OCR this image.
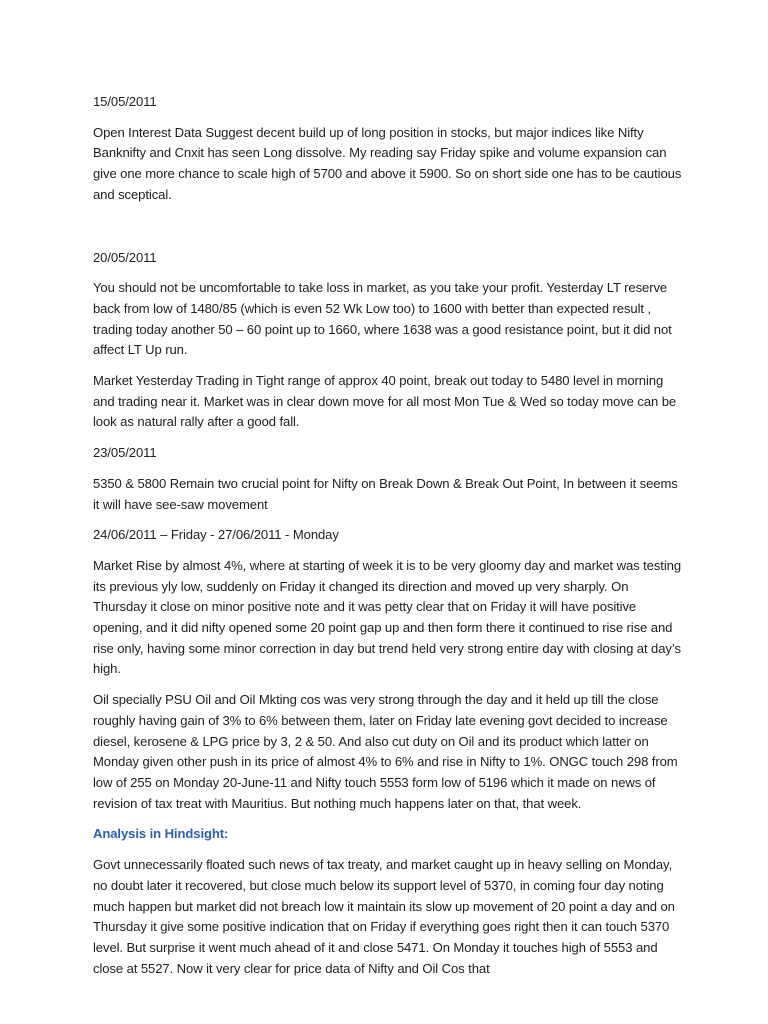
15/05/2011
Open Interest Data Suggest decent build up of long position in stocks, but major indices like Nifty Banknifty and Cnxit has seen Long dissolve. My reading say Friday spike and volume expansion can give one more chance to scale high of 5700 and above it 5900. So on short side one has to be cautious and sceptical.
20/05/2011
You should not be uncomfortable to take loss in market, as you take your profit. Yesterday LT reserve back from low of 1480/85 (which is even 52 Wk Low too) to 1600 with better than expected result , trading today another 50 – 60 point up to 1660, where 1638 was a good resistance point, but it did not affect LT Up run.
Market Yesterday Trading in Tight range of approx 40 point, break out today to 5480 level in morning and trading near it. Market was in clear down move for all most Mon Tue & Wed so today move can be look as natural rally after a good fall.
23/05/2011
5350 & 5800 Remain two crucial point for Nifty on Break Down & Break Out Point, In between it seems it will have see-saw movement
24/06/2011 – Friday - 27/06/2011 - Monday
Market Rise by almost 4%, where at starting of week it is to be very gloomy day and market was testing its previous yly low, suddenly on Friday it changed its direction and moved up very sharply. On Thursday it close on minor positive note and it was petty clear that on Friday it will have positive opening, and it did nifty opened some 20 point gap up and then form there it continued to rise rise and rise only, having some minor correction in day but trend held very strong entire day with closing at day’s high.
Oil specially PSU Oil and Oil Mkting cos was very strong through the day and it held up till the close roughly having gain of 3% to 6% between them, later on Friday late evening govt decided to increase diesel, kerosene & LPG price by 3, 2 & 50. And also cut duty on Oil and its product which latter on Monday given other push in its price of almost 4% to 6% and rise in Nifty to 1%. ONGC touch 298 from low of 255 on Monday 20-June-11 and Nifty touch 5553 form low of 5196 which it made on news of revision of tax treat with Mauritius. But nothing much happens later on that, that week.
Analysis in Hindsight:
Govt unnecessarily floated such news of tax treaty, and market caught up in heavy selling on Monday, no doubt later it recovered, but close much below its support level of 5370, in coming four day noting much happen but market did not breach low it maintain its slow up movement of 20 point a day and on Thursday it give some positive indication that on Friday if everything goes right then it can touch 5370 level. But surprise it went much ahead of it and close 5471. On Monday it touches high of 5553 and close at 5527. Now it very clear for price data of Nifty and Oil Cos that
